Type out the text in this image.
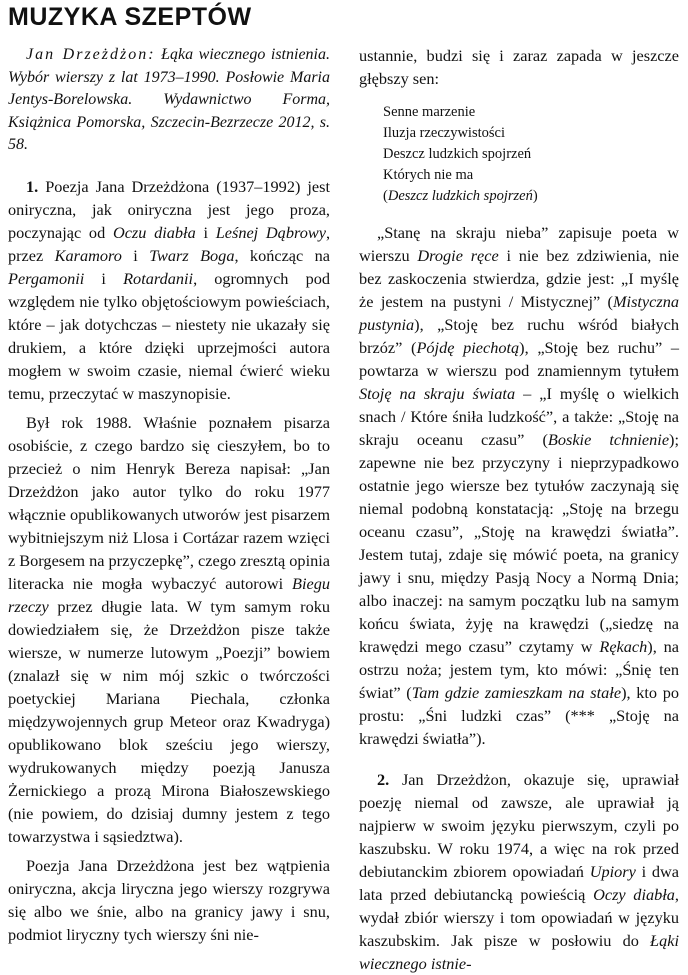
MUZYKA SZEPTÓW

Jan Drzeżdżon: Łąka wiecznego istnienia. Wybór wierszy z lat 1973–1990. Posłowie Maria Jentys-Borelowska. Wydawnictwo Forma, Książnica Pomorska, Szczecin-Bezrzecze 2012, s. 58.

1. Poezja Jana Drzeżdżona (1937–1992) jest oniryczna, jak oniryczna jest jego proza, poczynając od Oczu diabła i Leśnej Dąbrowy, przez Karamoro i Twarz Boga, kończąc na Pergamonii i Rotardanii, ogromnych pod względem nie tylko objętościowym powieściach, które – jak dotychczas – niestety nie ukazały się drukiem, a które dzięki uprzejmości autora mogłem w swoim czasie, niemal ćwierć wieku temu, przeczytać w maszynopisie.

Był rok 1988. Właśnie poznałem pisarza osobiście, z czego bardzo się cieszyłem, bo to przecież o nim Henryk Bereza napisał: „Jan Drzeżdżon jako autor tylko do roku 1977 włącznie opublikowanych utworów jest pisarzem wybitniejszym niż Llosa i Cortázar razem wzięci z Borgesem na przyczepkę”, czego zresztą opinia literacka nie mogła wybaczyć autorowi Biegu rzeczy przez długie lata. W tym samym roku dowiedziałem się, że Drzeżdżon pisze także wiersze, w numerze lutowym „Poezji” bowiem (znalazł się w nim mój szkic o twórczości poetyckiej Mariana Piechala, członka międzywojennych grup Meteor oraz Kwadryga) opublikowano blok sześciu jego wierszy, wydrukowanych między poezją Janusza Żernickiego a prozą Mirona Białoszewskiego (nie powiem, do dzisiaj dumny jestem z tego towarzystwa i sąsiedztwa).

Poezja Jana Drzeżdżona jest bez wątpienia oniryczna, akcja liryczna jego wierszy rozgrywa się albo we śnie, albo na granicy jawy i snu, podmiot liryczny tych wierszy śni nie-

ustannie, budzi się i zaraz zapada w jeszcze głębszy sen:

Senne marzenie
Iluzja rzeczywistości
Deszcz ludzkich spojrzeń
Których nie ma
(Deszcz ludzkich spojrzeń)

„Stanę na skraju nieba” zapisuje poeta w wierszu Drogie ręce i nie bez zdziwienia, nie bez zaskoczenia stwierdza, gdzie jest: „I myślę że jestem na pustyni / Mistycznej” (Mistyczna pustynia), „Stoję bez ruchu wśród białych brzóz” (Pójdę piechotą), „Stoję bez ruchu” – powtarza w wierszu pod znamiennym tytułem Stoję na skraju świata – „I myślę o wielkich snach / Które śniła ludzkość”, a także: „Stoję na skraju oceanu czasu” (Boskie tchnienie); zapewne nie bez przyczyny i nieprzypadkowo ostatnie jego wiersze bez tytułów zaczynają się niemal podobną konstatacją: „Stoję na brzegu oceanu czasu”, „Stoję na krawędzi światła”. Jestem tutaj, zdaje się mówić poeta, na granicy jawy i snu, między Pasją Nocy a Normą Dnia; albo inaczej: na samym początku lub na samym końcu świata, żyję na krawędzi („siedzę na krawędzi mego czasu” czytamy w Rękach), na ostrzu noża; jestem tym, kto mówi: „Śnię ten świat” (Tam gdzie zamieszkam na stałe), kto po prostu: „Śni ludzki czas” (*** „Stoję na krawędzi światła”).

2. Jan Drzeżdżon, okazuje się, uprawiał poezję niemal od zawsze, ale uprawiał ją najpierw w swoim języku pierwszym, czyli po kaszubsku. W roku 1974, a więc na rok przed debiutanckim zbiorem opowiadań Upiory i dwa lata przed debiutancką powieścią Oczy diabła, wydał zbiór wierszy i tom opowiadań w języku kaszubskim. Jak pisze w posłowiu do Łąki wiecznego istnie-
